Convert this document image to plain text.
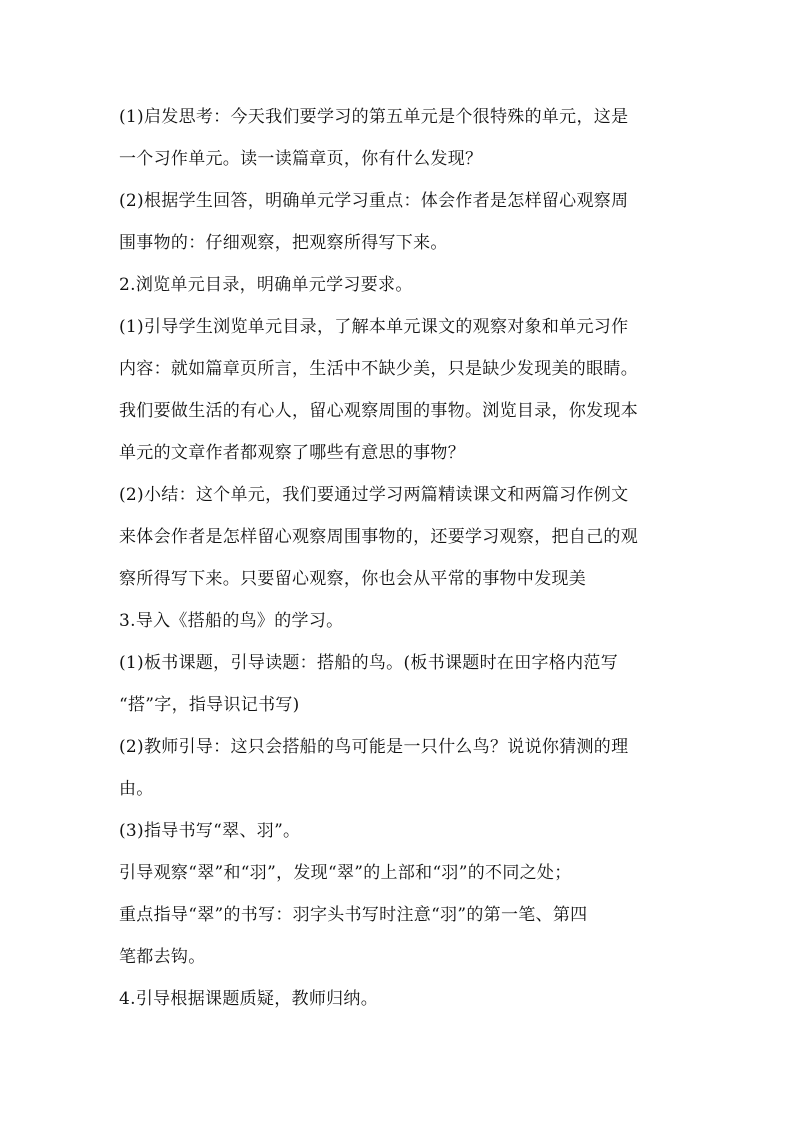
(1)启发思考：今天我们要学习的第五单元是个很特殊的单元，这是
一个习作单元。读一读篇章页，你有什么发现？
(2)根据学生回答，明确单元学习重点：体会作者是怎样留心观察周
围事物的：仔细观察，把观察所得写下来。
2.浏览单元目录，明确单元学习要求。
(1)引导学生浏览单元目录，了解本单元课文的观察对象和单元习作
内容：就如篇章页所言，生活中不缺少美，只是缺少发现美的眼睛。
我们要做生活的有心人，留心观察周围的事物。浏览目录，你发现本
单元的文章作者都观察了哪些有意思的事物？
(2)小结：这个单元，我们要通过学习两篇精读课文和两篇习作例文
来体会作者是怎样留心观察周围事物的，还要学习观察，把自己的观
察所得写下来。只要留心观察，你也会从平常的事物中发现美
3.导入《搭船的鸟》的学习。
(1)板书课题，引导读题：搭船的鸟。(板书课题时在田字格内范写
“搭”字，指导识记书写)
(2)教师引导：这只会搭船的鸟可能是一只什么鸟？说说你猜测的理
由。
(3)指导书写“翠、羽”。
引导观察“翠”和“羽”，发现“翠”的上部和“羽”的不同之处；
重点指导“翠”的书写：羽字头书写时注意“羽”的第一笔、第四
笔都去钩。
4.引导根据课题质疑，教师归纳。
